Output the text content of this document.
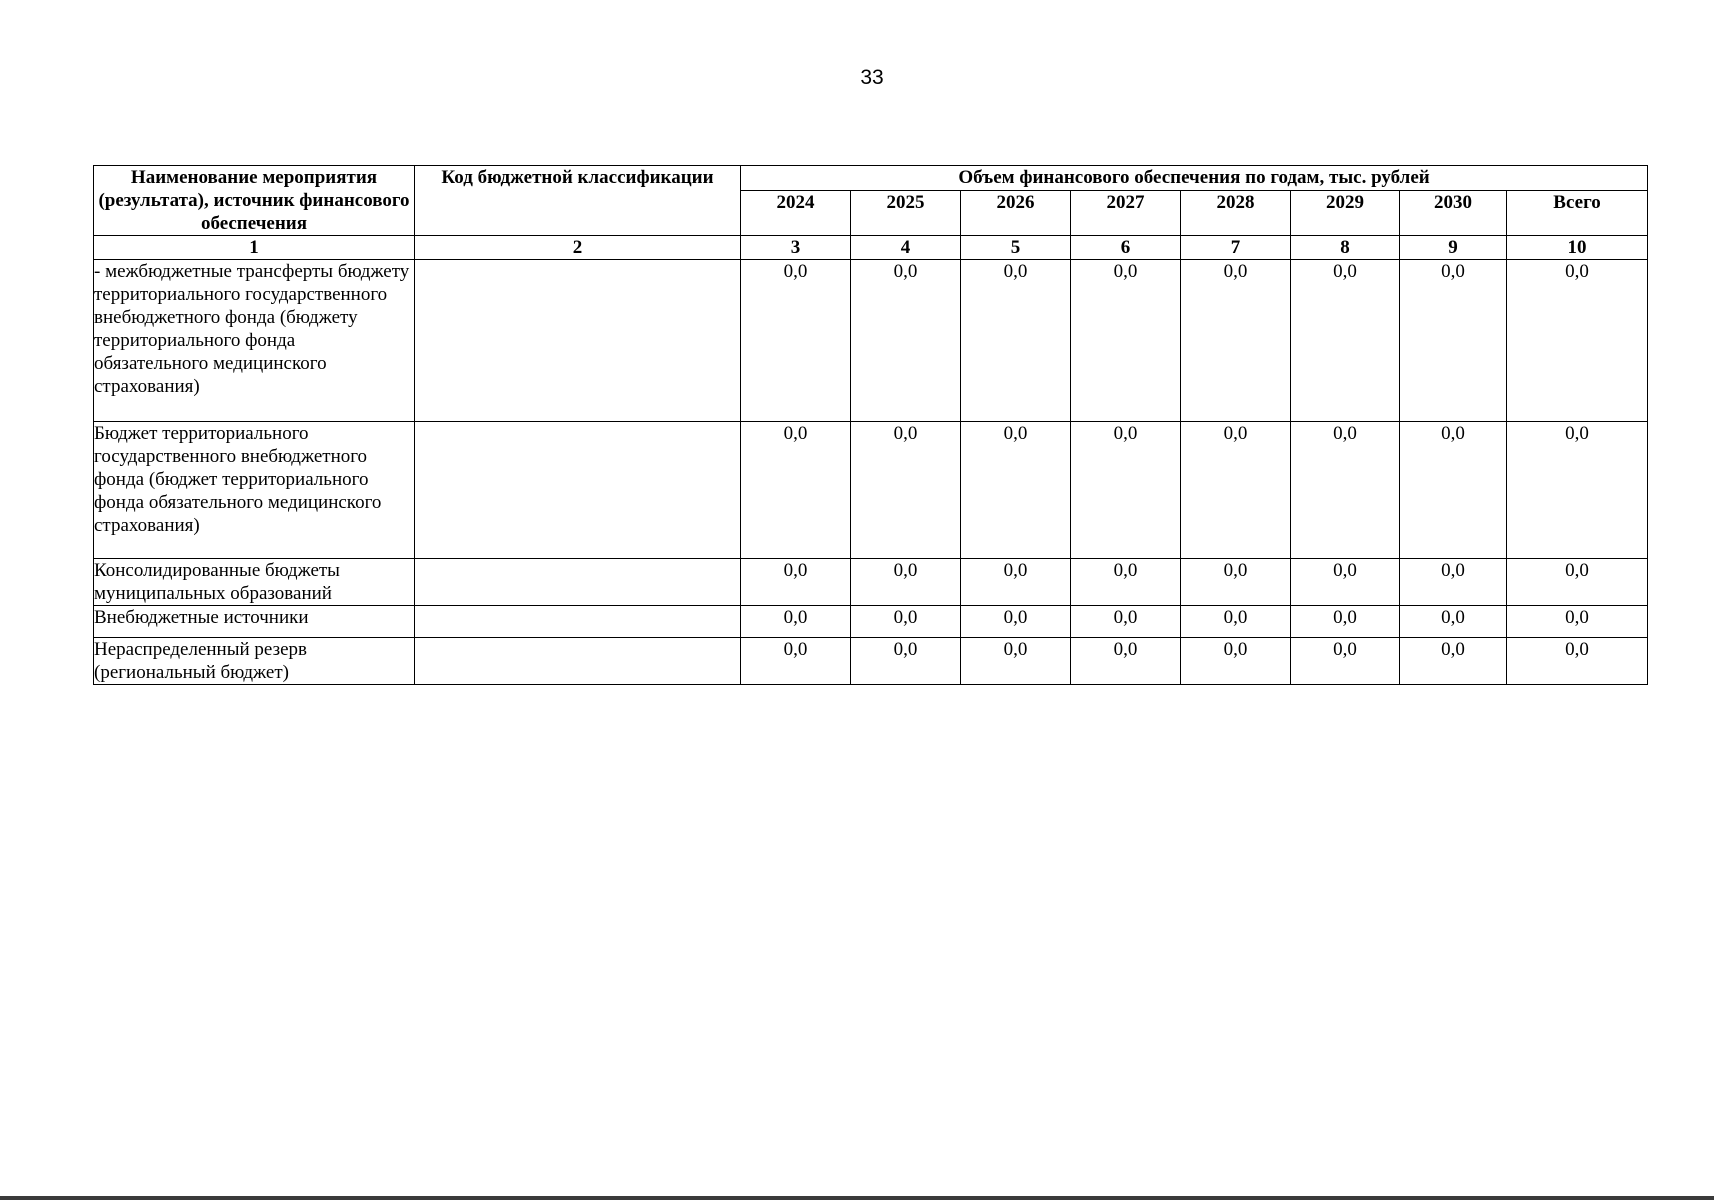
33
Наименование мероприятия (результата), источник финансового обеспечения	Код бюджетной классификации	Объем финансового обеспечения по годам, тыс. рублей							
		2024	2025	2026	2027	2028	2029	2030	Всего
1	2	3	4	5	6	7	8	9	10
- межбюджетные трансферты бюджету территориального государственного внебюджетного фонда (бюджету территориального фонда обязательного медицинского страхования)		0,0	0,0	0,0	0,0	0,0	0,0	0,0	0,0
Бюджет территориального государственного внебюджетного фонда (бюджет территориального фонда обязательного медицинского страхования)		0,0	0,0	0,0	0,0	0,0	0,0	0,0	0,0
Консолидированные бюджеты муниципальных образований		0,0	0,0	0,0	0,0	0,0	0,0	0,0	0,0
Внебюджетные источники		0,0	0,0	0,0	0,0	0,0	0,0	0,0	0,0
Нераспределенный резерв (региональный бюджет)		0,0	0,0	0,0	0,0	0,0	0,0	0,0	0,0
